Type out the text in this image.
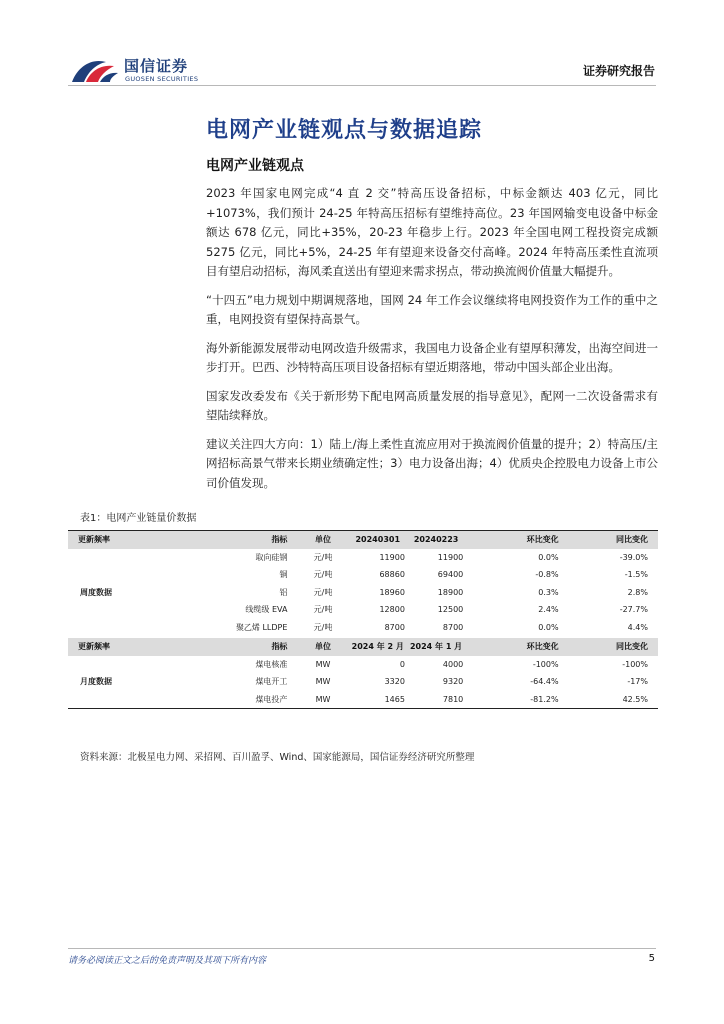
国信证券
GUOSEN SECURITIES
证券研究报告
电网产业链观点与数据追踪
电网产业链观点

2023 年国家电网完成“4 直 2 交”特高压设备招标，中标金额达 403 亿元，同比+1073%，我们预计 24-25 年特高压招标有望维持高位。23 年国网输变电设备中标金额达 678 亿元，同比+35%，20-23 年稳步上行。2023 年全国电网工程投资完成额 5275 亿元，同比+5%，24-25 年有望迎来设备交付高峰。2024 年特高压柔性直流项目有望启动招标，海风柔直送出有望迎来需求拐点，带动换流阀价值量大幅提升。

“十四五”电力规划中期调规落地，国网 24 年工作会议继续将电网投资作为工作的重中之重，电网投资有望保持高景气。

海外新能源发展带动电网改造升级需求，我国电力设备企业有望厚积薄发，出海空间进一步打开。巴西、沙特特高压项目设备招标有望近期落地，带动中国头部企业出海。

国家发改委发布《关于新形势下配电网高质量发展的指导意见》，配网一二次设备需求有望陆续释放。

建议关注四大方向：1）陆上/海上柔性直流应用对于换流阀价值量的提升；2）特高压/主网招标高景气带来长期业绩确定性；3）电力设备出海；4）优质央企控股电力设备上市公司价值发现。

表1：电网产业链量价数据
更新频率	指标	单位	20240301	20240223	环比变化	同比变化
	取向硅钢	元/吨	11900	11900	0.0%	-39.0%
	铜	元/吨	68860	69400	-0.8%	-1.5%
周度数据	铝	元/吨	18960	18900	0.3%	2.8%
	线缆级 EVA	元/吨	12800	12500	2.4%	-27.7%
	聚乙烯 LLDPE	元/吨	8700	8700	0.0%	4.4%
更新频率	指标	单位	2024 年 2 月	2024 年 1 月	环比变化	同比变化
	煤电核准	MW	0	4000	-100%	-100%
月度数据	煤电开工	MW	3320	9320	-64.4%	-17%
	煤电投产	MW	1465	7810	-81.2%	42.5%
资料来源：北极星电力网、采招网、百川盈孚、Wind、国家能源局，国信证券经济研究所整理
请务必阅读正文之后的免责声明及其项下所有内容	5
